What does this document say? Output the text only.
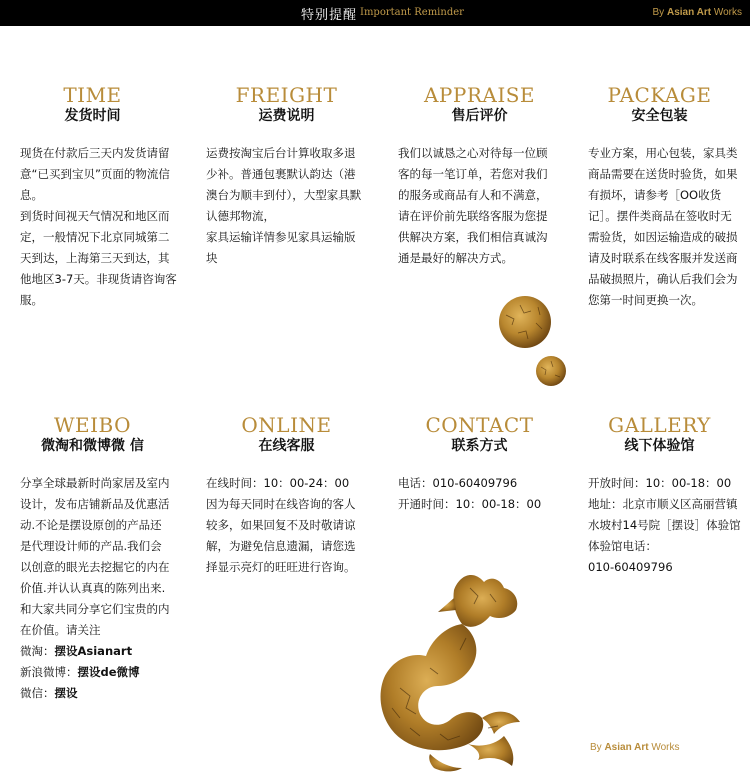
特别提醒 Important Reminder	By Asian Art Works
TIME
发货时间

现货在付款后三天内发货请留意“已买到宝贝”页面的物流信息。

到货时间视天气情况和地区而定，一般情况下北京同城第二天到达，上海第三天到达，其他地区3-7天。非现货请咨询客服。

FREIGHT
运费说明

运费按淘宝后台计算收取多退少补。普通包裹默认韵达（港澳台为顺丰到付），大型家具默认德邦物流，

家具运输详情参见家具运输版块

APPRAISE
售后评价

我们以诚恳之心对待每一位顾客的每一笔订单，若您对我们的服务或商品有人和不满意，请在评价前先联络客服为您提供解决方案，我们相信真诚沟通是最好的解决方式。

PACKAGE
安全包装

专业方案，用心包装，家具类商品需要在送货时验货，如果有损坏，请参考［OO收货记］。摆件类商品在签收时无需验货，如因运输造成的破损请及时联系在线客服并发送商品破损照片，确认后我们会为您第一时间更换一次。

WEIBO
微淘和微博微 信

分享全球最新时尚家居及室内设计，发布店铺新品及优惠活动.不论是摆设原创的产品还是代理设计师的产品.我们会以创意的眼光去挖掘它的内在价值.并认认真真的陈列出来.和大家共同分享它们宝贵的内在价值。请关注

微淘：摆设Asianart

新浪微博：摆设de微博

微信：摆设

ONLINE
在线客服

在线时间：10：00-24：00

因为每天同时在线咨询的客人较多，如果回复不及时敬请谅解，为避免信息遗漏，请您选择显示亮灯的旺旺进行咨询。

CONTACT
联系方式

电话：010-60409796

开通时间：10：00-18：00

GALLERY
线下体验馆

开放时间：10：00-18：00

地址：北京市顺义区高丽营镇水坡村14号院［摆设］体验馆

体验馆电话：

010-60409796

By Asian Art Works
